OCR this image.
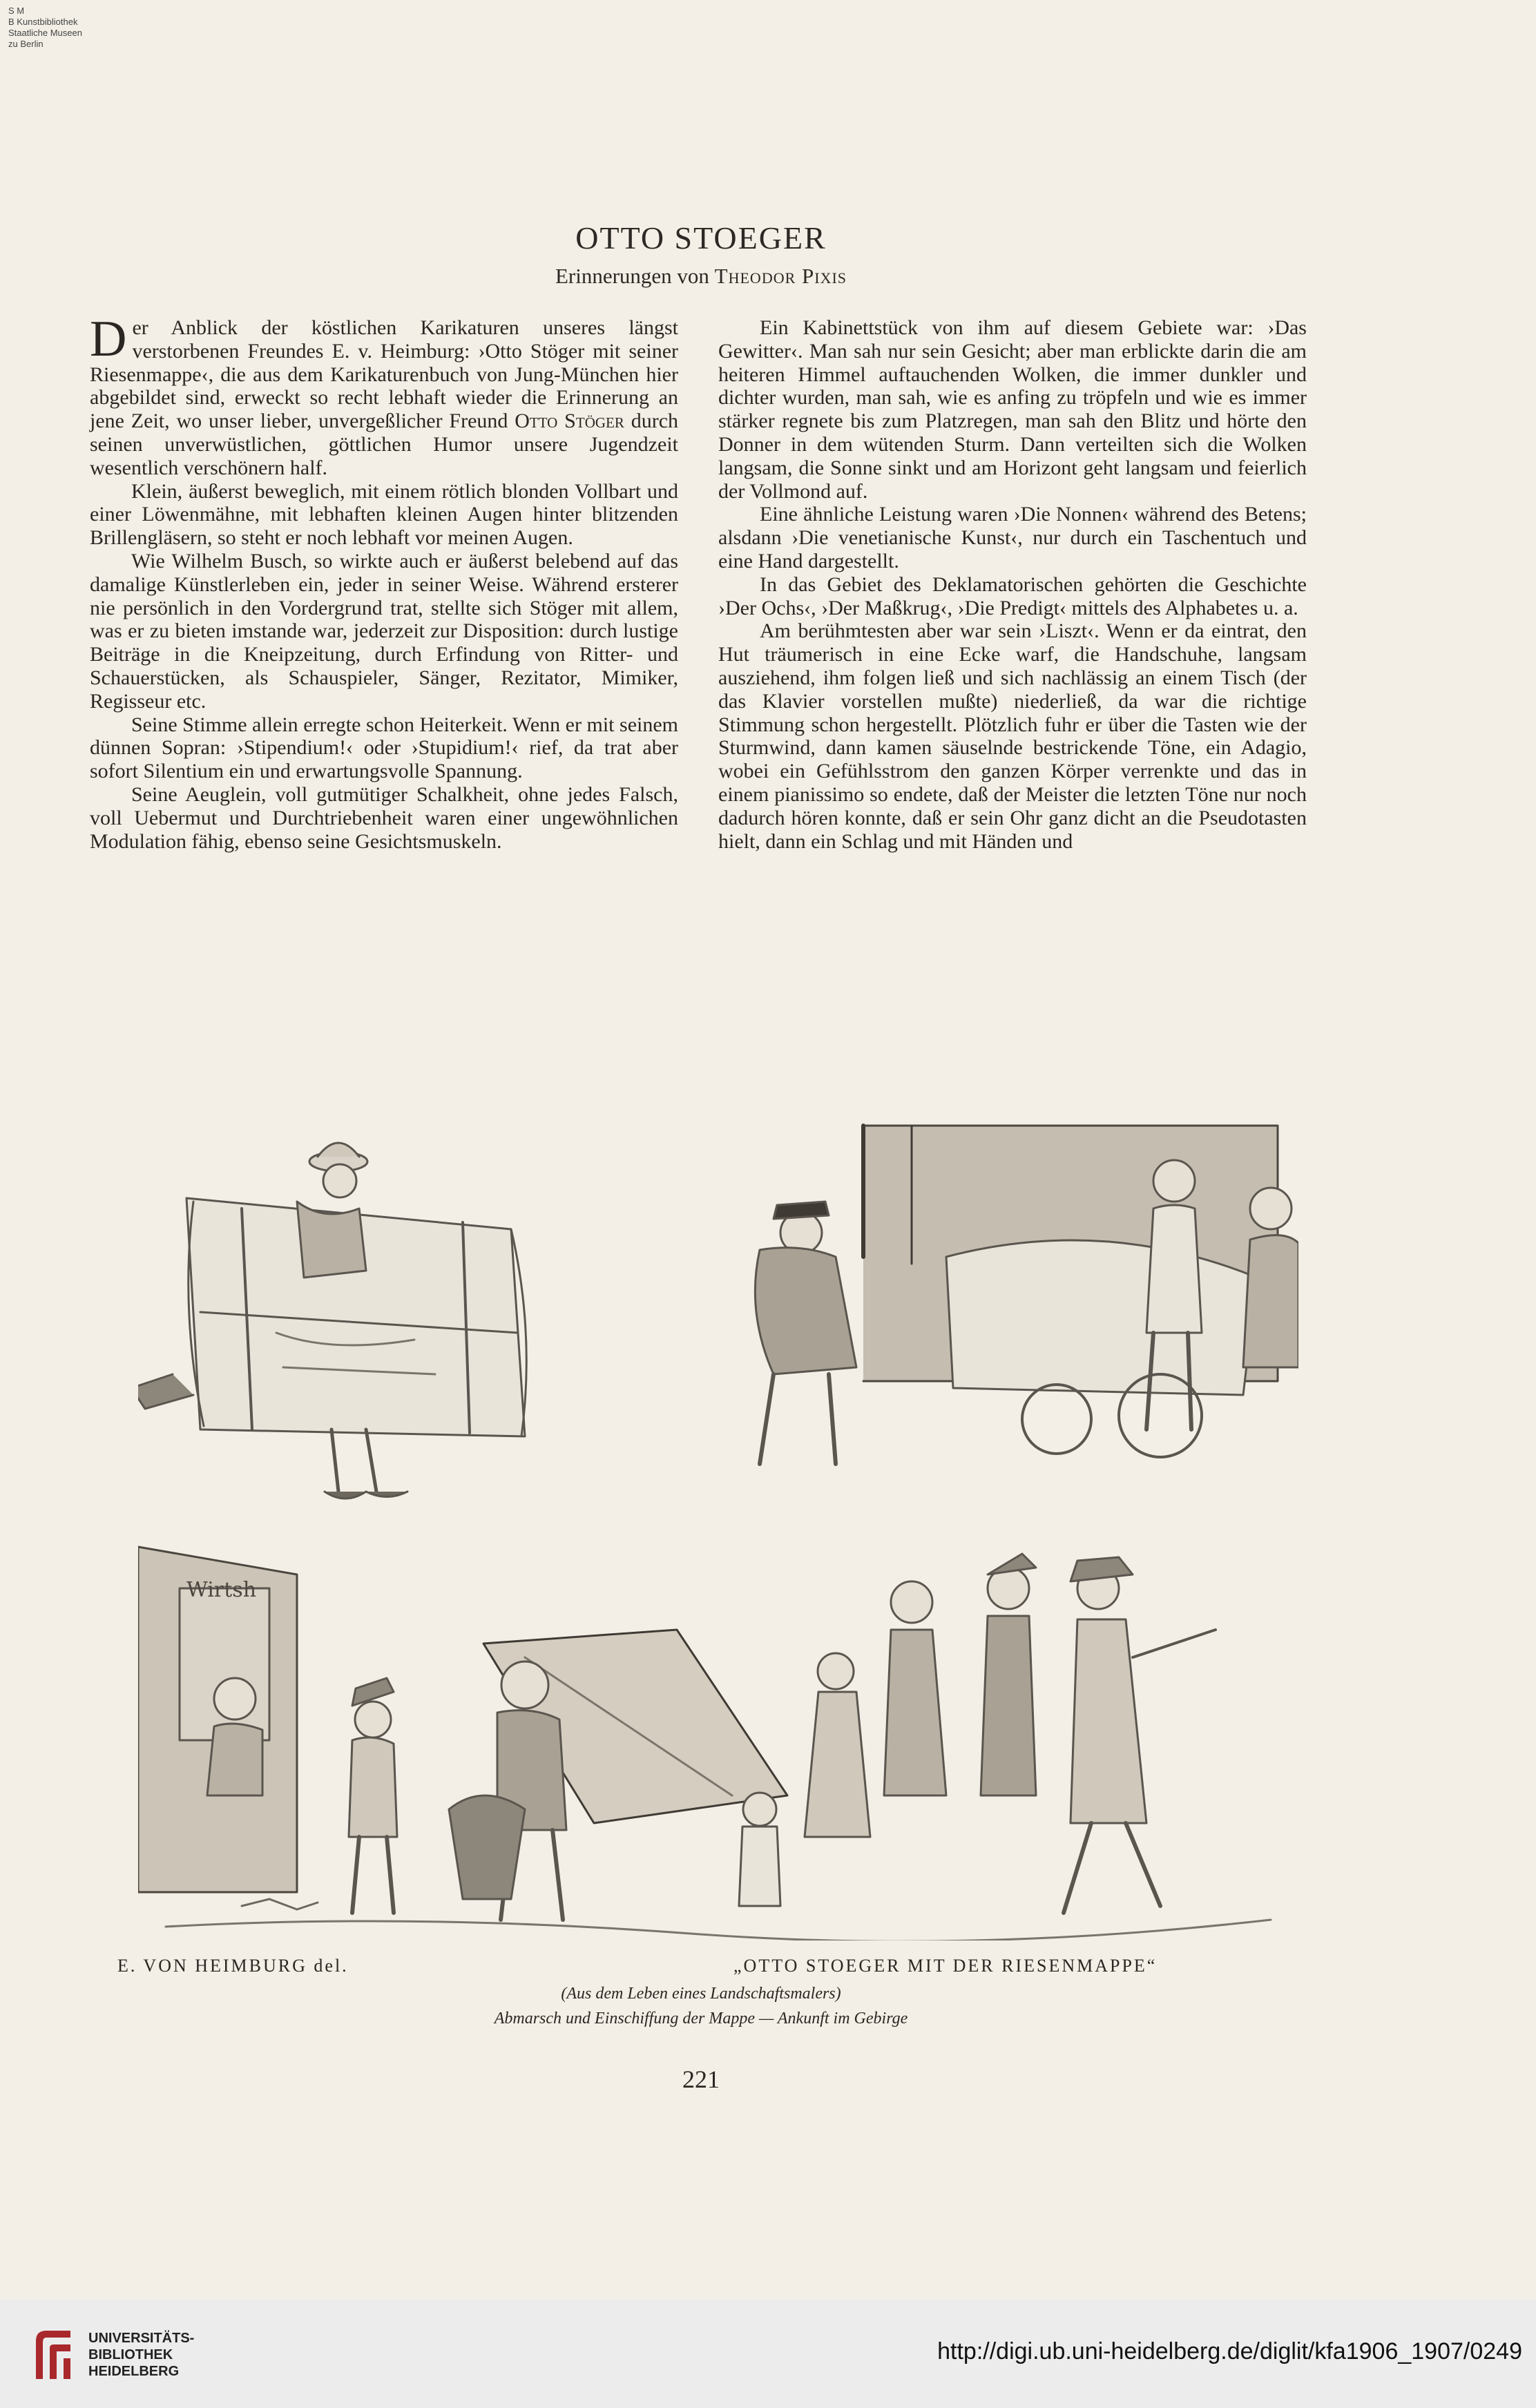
S M
B Kunstbibliothek
Staatliche Museen
zu Berlin
OTTO STOEGER
Erinnerungen von Theodor Pixis

Der Anblick der köstlichen Karikaturen unseres längst verstorbenen Freundes E. v. Heimburg: ›Otto Stöger mit seiner Riesenmappe‹, die aus dem Karikaturenbuch von Jung-München hier abgebildet sind, erweckt so recht lebhaft wieder die Erinnerung an jene Zeit, wo unser lieber, unvergeßlicher Freund Otto Stöger durch seinen unverwüstlichen, göttlichen Humor unsere Jugendzeit wesentlich verschönern half.

Klein, äußerst beweglich, mit einem rötlich blonden Vollbart und einer Löwenmähne, mit lebhaften kleinen Augen hinter blitzenden Brillengläsern, so steht er noch lebhaft vor meinen Augen.

Wie Wilhelm Busch, so wirkte auch er äußerst belebend auf das damalige Künstlerleben ein, jeder in seiner Weise. Während ersterer nie persönlich in den Vordergrund trat, stellte sich Stöger mit allem, was er zu bieten imstande war, jederzeit zur Disposition: durch lustige Beiträge in die Kneipzeitung, durch Erfindung von Ritter- und Schauerstücken, als Schauspieler, Sänger, Rezitator, Mimiker, Regisseur etc.

Seine Stimme allein erregte schon Heiterkeit. Wenn er mit seinem dünnen Sopran: ›Stipendium!‹ oder ›Stupidium!‹ rief, da trat aber sofort Silentium ein und erwartungsvolle Spannung.

Seine Aeuglein, voll gutmütiger Schalkheit, ohne jedes Falsch, voll Uebermut und Durchtriebenheit waren einer ungewöhnlichen Modulation fähig, ebenso seine Gesichtsmuskeln.

Ein Kabinettstück von ihm auf diesem Gebiete war: ›Das Gewitter‹. Man sah nur sein Gesicht; aber man erblickte darin die am heiteren Himmel auftauchenden Wolken, die immer dunkler und dichter wurden, man sah, wie es anfing zu tröpfeln und wie es immer stärker regnete bis zum Platzregen, man sah den Blitz und hörte den Donner in dem wütenden Sturm. Dann verteilten sich die Wolken langsam, die Sonne sinkt und am Horizont geht langsam und feierlich der Vollmond auf.

Eine ähnliche Leistung waren ›Die Nonnen‹ während des Betens; alsdann ›Die venetianische Kunst‹, nur durch ein Taschentuch und eine Hand dargestellt.

In das Gebiet des Deklamatorischen gehörten die Geschichte ›Der Ochs‹, ›Der Maßkrug‹, ›Die Predigt‹ mittels des Alphabetes u. a.

Am berühmtesten aber war sein ›Liszt‹. Wenn er da eintrat, den Hut träumerisch in eine Ecke warf, die Handschuhe, langsam ausziehend, ihm folgen ließ und sich nachlässig an einem Tisch (der das Klavier vorstellen mußte) niederließ, da war die richtige Stimmung schon hergestellt. Plötzlich fuhr er über die Tasten wie der Sturmwind, dann kamen säuselnde bestrickende Töne, ein Adagio, wobei ein Gefühlsstrom den ganzen Körper verrenkte und das in einem pianissimo so endete, daß der Meister die letzten Töne nur noch dadurch hören konnte, daß er sein Ohr ganz dicht an die Pseudotasten hielt, dann ein Schlag und mit Händen und

Wirtsh
E. VON HEIMBURG del.	„OTTO STOEGER MIT DER RIESENMAPPE“
(Aus dem Leben eines Landschaftsmalers)
Abmarsch und Einschiffung der Mappe — Ankunft im Gebirge
221
UNIVERSITÄTS-
BIBLIOTHEK
HEIDELBERG
http://digi.ub.uni-heidelberg.de/diglit/kfa1906_1907/0249
